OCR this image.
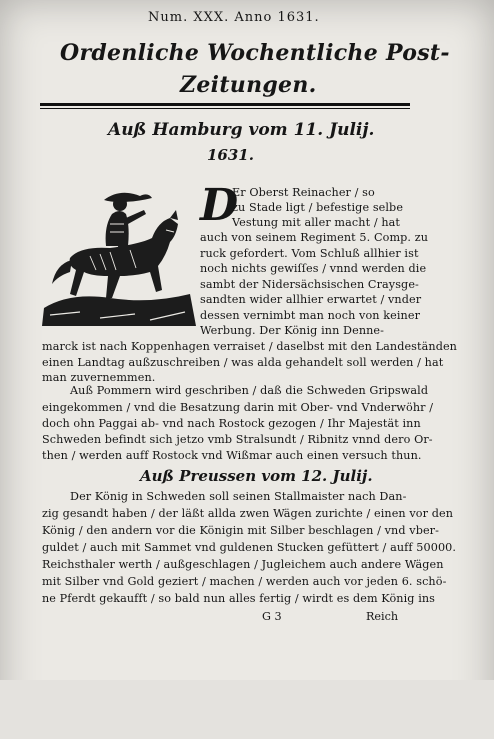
Num. XXX. Anno 1631.
Ordenliche Wochentliche Post-
Zeitungen.
Auß Hamburg vom 11. Julij.
1631.
D
Er Oberst Reinacher / so
zu Stade ligt / befestige selbe
Vestung mit aller macht / hat
auch von seinem Regiment 5. Comp. zu
ruck gefordert. Vom Schluß allhier ist
noch nichts gewiſſes / vnnd werden die
sambt der Nidersächsischen Craysge-
sandten wider allhier erwartet / vnder
dessen vernimbt man noch von keiner
Werbung. Der König inn Denne-
marck ist nach Koppenhagen verraiset / daselbst mit den Landeständen
einen Landtag außzuschreiben / was alda gehandelt soll werden / hat
man zuvernemmen.
Auß Pommern wird geschriben / daß die Schweden Gripswald
eingekommen / vnd die Besatzung darin mit Ober- vnd Vnderwöhr /
doch ohn Paggai ab- vnd nach Rostock gezogen / Ihr Majestät inn
Schweden befindt sich jetzo vmb Stralsundt / Ribnitz vnnd dero Or-
then / werden auff Rostock vnd Wißmar auch einen versuch thun.
Auß Preussen vom 12. Julij.
Der König in Schweden soll seinen Stallmaister nach Dan-
zig gesandt haben / der läßt allda zwen Wägen zurichte / einen vor den
König / den andern vor die Königin mit Silber beschlagen / vnd vber-
guldet / auch mit Sammet vnd guldenen Stucken gefüttert / auff 50000.
Reichsthaler werth / außgeschlagen / Jugleichem auch andere Wägen
mit Silber vnd Gold geziert / machen / werden auch vor jeden 6. schö-
ne Pferdt gekaufft / so bald nun alles fertig / wirdt es dem König ins
G 3	Reich
